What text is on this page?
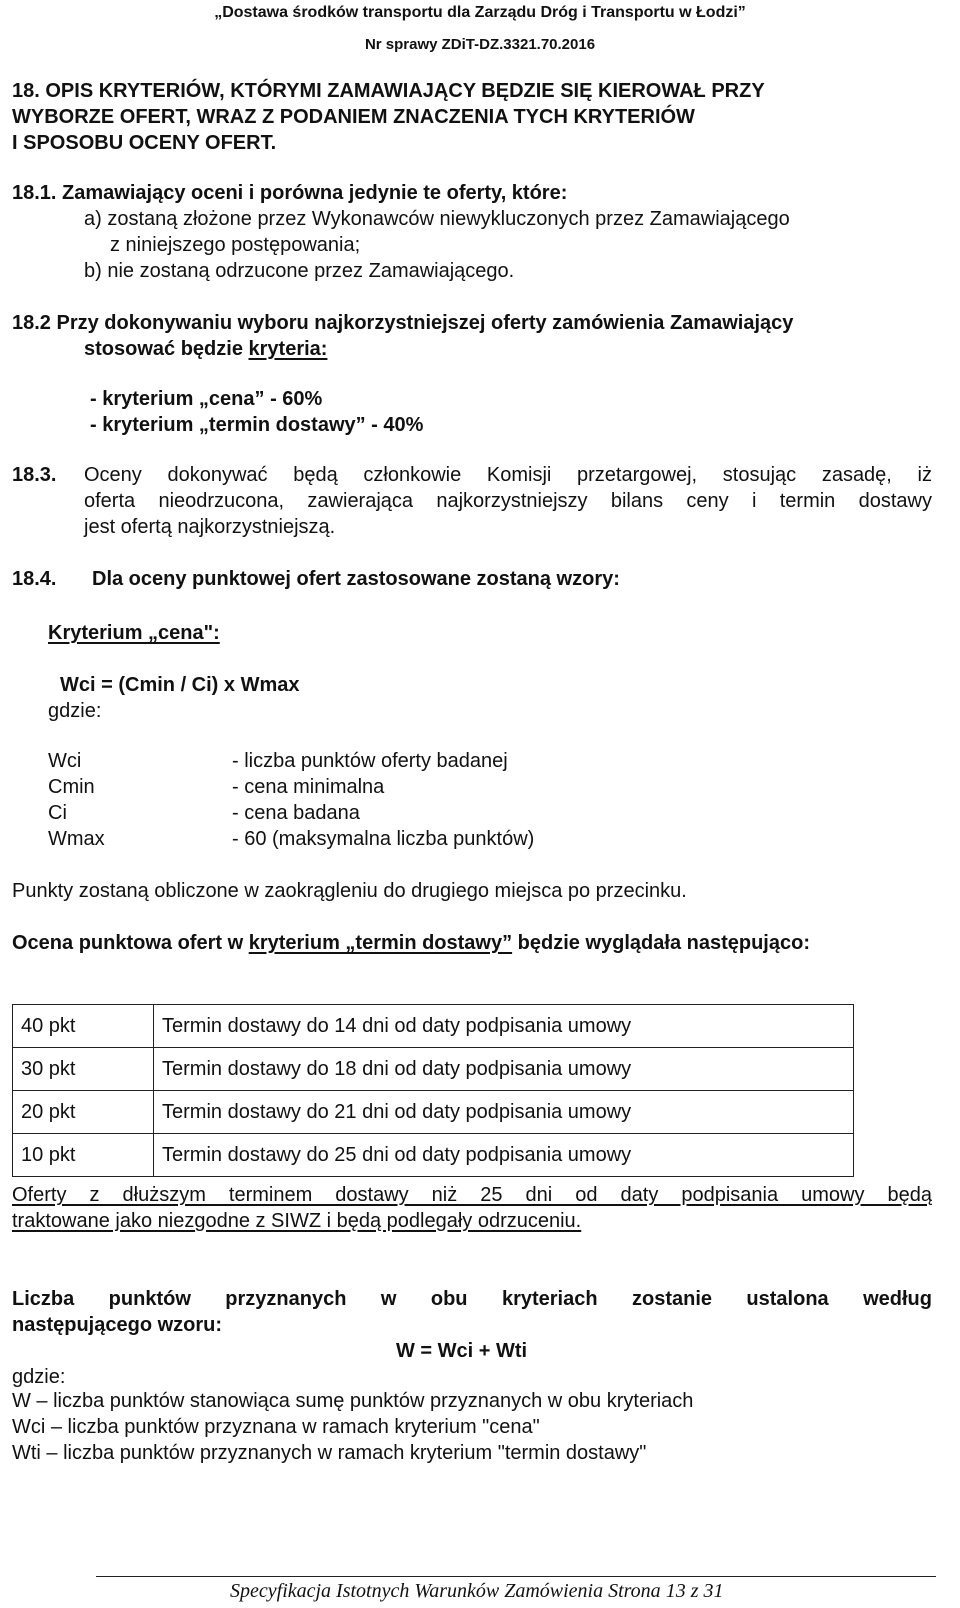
„Dostawa środków transportu dla Zarządu Dróg i Transportu w Łodzi”
Nr sprawy ZDiT-DZ.3321.70.2016
18. OPIS KRYTERIÓW, KTÓRYMI ZAMAWIAJĄCY BĘDZIE SIĘ KIEROWAŁ PRZY
WYBORZE OFERT, WRAZ Z PODANIEM ZNACZENIA TYCH KRYTERIÓW
I SPOSOBU OCENY OFERT.
18.1. Zamawiający oceni i porówna jedynie te oferty, które:
a) zostaną złożone przez Wykonawców niewykluczonych przez Zamawiającego
z niniejszego postępowania;
b) nie zostaną odrzucone przez Zamawiającego.
18.2 Przy dokonywaniu wyboru najkorzystniejszej oferty zamówienia Zamawiający
stosować będzie kryteria:
- kryterium „cena” - 60%
- kryterium „termin dostawy” - 40%
18.3. Oceny dokonywać będą członkowie Komisji przetargowej, stosując zasadę, iż
oferta nieodrzucona, zawierająca najkorzystniejszy bilans ceny i termin dostawy
jest ofertą najkorzystniejszą.
18.4. Dla oceny punktowej ofert zastosowane zostaną wzory:
Kryterium „cena":
Wci = (Cmin / Ci) x Wmax
gdzie:
Wci	- liczba punktów oferty badanej
Cmin	- cena minimalna
Ci	- cena badana
Wmax	- 60 (maksymalna liczba punktów)
Punkty zostaną obliczone w zaokrągleniu do drugiego miejsca po przecinku.
Ocena punktowa ofert w kryterium „termin dostawy” będzie wyglądała następująco:
40 pkt	Termin dostawy do 14 dni od daty podpisania umowy
30 pkt	Termin dostawy do 18 dni od daty podpisania umowy
20 pkt	Termin dostawy do 21 dni od daty podpisania umowy
10 pkt	Termin dostawy do 25 dni od daty podpisania umowy
Oferty z dłuższym terminem dostawy niż 25 dni od daty podpisania umowy będą
traktowane jako niezgodne z SIWZ i będą podlegały odrzuceniu.
Liczba punktów przyznanych w obu kryteriach zostanie ustalona według
następującego wzoru:
W = Wci + Wti
gdzie:
W – liczba punktów stanowiąca sumę punktów przyznanych w obu kryteriach
Wci – liczba punktów przyznana w ramach kryterium "cena"
Wti – liczba punktów przyznanych w ramach kryterium "termin dostawy"
Specyfikacja Istotnych Warunków Zamówienia Strona 13 z 31
